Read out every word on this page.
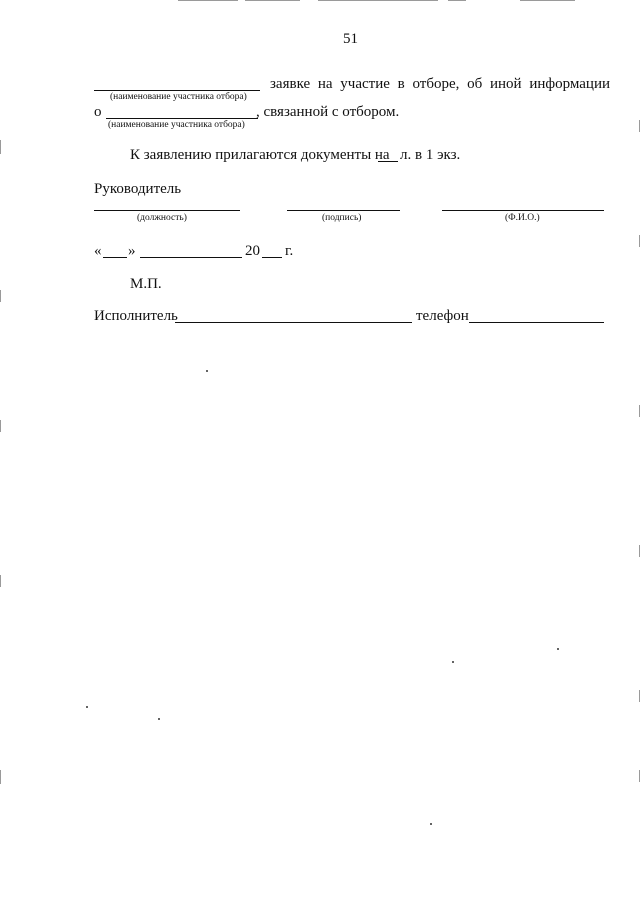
51
заявке на участие в отборе, об иной информации
(наименование участника отбора)
о	, связанной с отбором.
(наименование участника отбора)
К заявлению прилагаются документы на л. в 1 экз.
Руководитель
(должность)	(подпись)	(Ф.И.О.)
« »	20 г.
М.П.
Исполнитель	телефон
